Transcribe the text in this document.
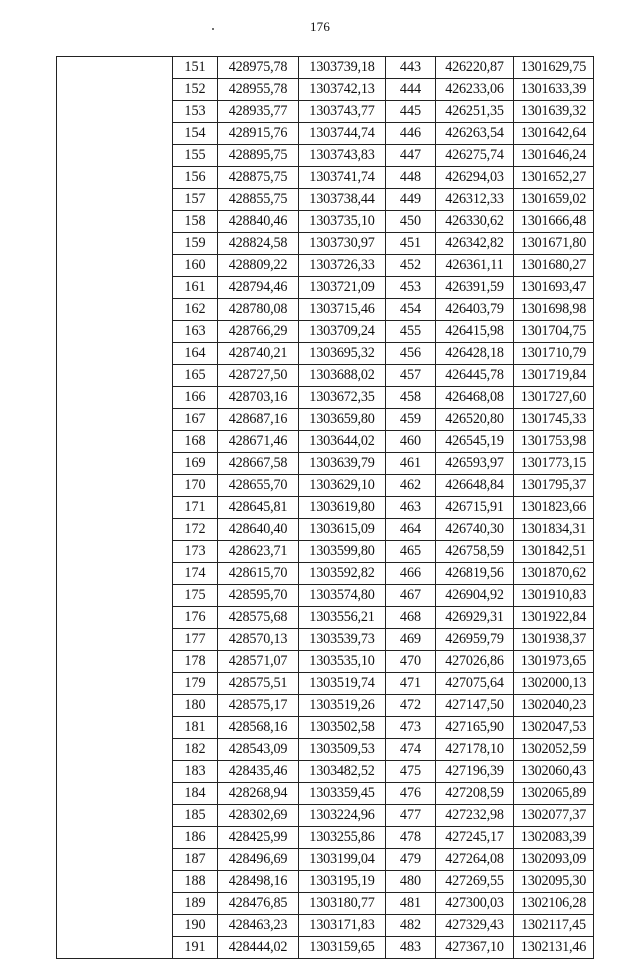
176
	151	428975,78	1303739,18	443	426220,87	1301629,75
	152	428955,78	1303742,13	444	426233,06	1301633,39
	153	428935,77	1303743,77	445	426251,35	1301639,32
	154	428915,76	1303744,74	446	426263,54	1301642,64
	155	428895,75	1303743,83	447	426275,74	1301646,24
	156	428875,75	1303741,74	448	426294,03	1301652,27
	157	428855,75	1303738,44	449	426312,33	1301659,02
	158	428840,46	1303735,10	450	426330,62	1301666,48
	159	428824,58	1303730,97	451	426342,82	1301671,80
	160	428809,22	1303726,33	452	426361,11	1301680,27
	161	428794,46	1303721,09	453	426391,59	1301693,47
	162	428780,08	1303715,46	454	426403,79	1301698,98
	163	428766,29	1303709,24	455	426415,98	1301704,75
	164	428740,21	1303695,32	456	426428,18	1301710,79
	165	428727,50	1303688,02	457	426445,78	1301719,84
	166	428703,16	1303672,35	458	426468,08	1301727,60
	167	428687,16	1303659,80	459	426520,80	1301745,33
	168	428671,46	1303644,02	460	426545,19	1301753,98
	169	428667,58	1303639,79	461	426593,97	1301773,15
	170	428655,70	1303629,10	462	426648,84	1301795,37
	171	428645,81	1303619,80	463	426715,91	1301823,66
	172	428640,40	1303615,09	464	426740,30	1301834,31
	173	428623,71	1303599,80	465	426758,59	1301842,51
	174	428615,70	1303592,82	466	426819,56	1301870,62
	175	428595,70	1303574,80	467	426904,92	1301910,83
	176	428575,68	1303556,21	468	426929,31	1301922,84
	177	428570,13	1303539,73	469	426959,79	1301938,37
	178	428571,07	1303535,10	470	427026,86	1301973,65
	179	428575,51	1303519,74	471	427075,64	1302000,13
	180	428575,17	1303519,26	472	427147,50	1302040,23
	181	428568,16	1303502,58	473	427165,90	1302047,53
	182	428543,09	1303509,53	474	427178,10	1302052,59
	183	428435,46	1303482,52	475	427196,39	1302060,43
	184	428268,94	1303359,45	476	427208,59	1302065,89
	185	428302,69	1303224,96	477	427232,98	1302077,37
	186	428425,99	1303255,86	478	427245,17	1302083,39
	187	428496,69	1303199,04	479	427264,08	1302093,09
	188	428498,16	1303195,19	480	427269,55	1302095,30
	189	428476,85	1303180,77	481	427300,03	1302106,28
	190	428463,23	1303171,83	482	427329,43	1302117,45
	191	428444,02	1303159,65	483	427367,10	1302131,46
